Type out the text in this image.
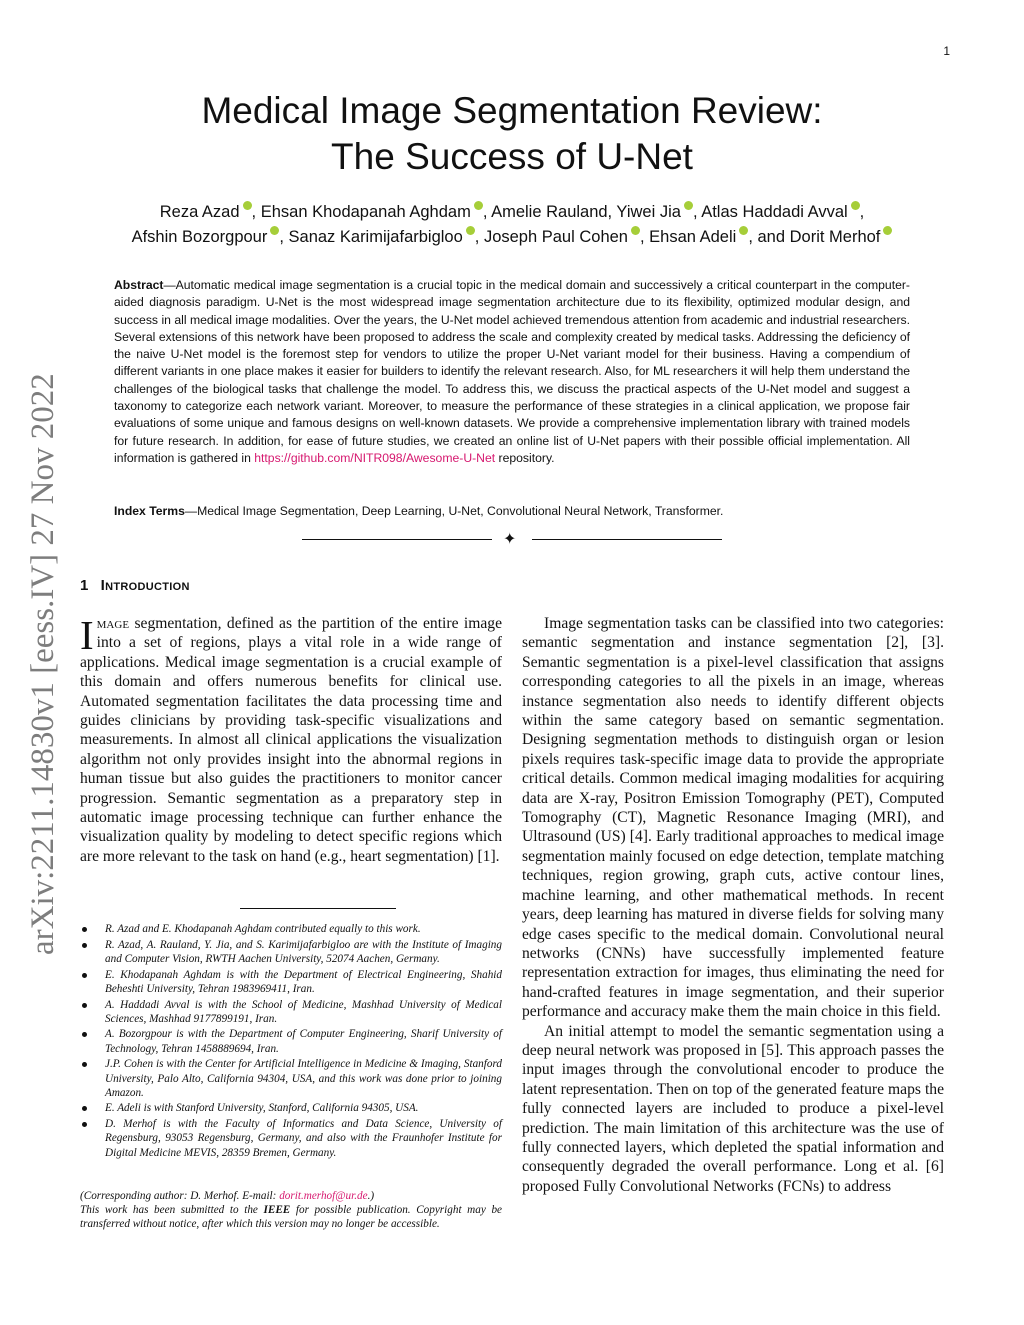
1
arXiv:2211.14830v1 [eess.IV] 27 Nov 2022
Medical Image Segmentation Review:
The Success of U-Net
Reza Azad , Ehsan Khodapanah Aghdam , Amelie Rauland, Yiwei Jia , Atlas Haddadi Avval ,
Afshin Bozorgpour , Sanaz Karimijafarbigloo , Joseph Paul Cohen , Ehsan Adeli , and Dorit Merhof
Abstract—Automatic medical image segmentation is a crucial topic in the medical domain and successively a critical counterpart in the computer-aided diagnosis paradigm. U-Net is the most widespread image segmentation architecture due to its flexibility, optimized modular design, and success in all medical image modalities. Over the years, the U-Net model achieved tremendous attention from academic and industrial researchers. Several extensions of this network have been proposed to address the scale and complexity created by medical tasks. Addressing the deficiency of the naive U-Net model is the foremost step for vendors to utilize the proper U-Net variant model for their business. Having a compendium of different variants in one place makes it easier for builders to identify the relevant research. Also, for ML researchers it will help them understand the challenges of the biological tasks that challenge the model. To address this, we discuss the practical aspects of the U-Net model and suggest a taxonomy to categorize each network variant. Moreover, to measure the performance of these strategies in a clinical application, we propose fair evaluations of some unique and famous designs on well-known datasets. We provide a comprehensive implementation library with trained models for future research. In addition, for ease of future studies, we created an online list of U-Net papers with their possible official implementation. All information is gathered in https://github.com/NITR098/Awesome-U-Net repository.
Index Terms—Medical Image Segmentation, Deep Learning, U-Net, Convolutional Neural Network, Transformer.
✦
1 Introduction

Image segmentation, defined as the partition of the entire image into a set of regions, plays a vital role in a wide range of applications. Medical image segmentation is a crucial example of this domain and offers numerous benefits for clinical use. Automated segmentation facilitates the data processing time and guides clinicians by providing task-specific visualizations and measurements. In almost all clinical applications the visualization algorithm not only provides insight into the abnormal regions in human tissue but also guides the practitioners to monitor cancer progression. Semantic segmentation as a preparatory step in automatic image processing technique can further enhance the visualization quality by modeling to detect specific regions which are more relevant to the task on hand (e.g., heart segmentation) [1].

Image segmentation tasks can be classified into two categories: semantic segmentation and instance segmentation [2], [3]. Semantic segmentation is a pixel-level classification that assigns corresponding categories to all the pixels in an image, whereas instance segmentation also needs to identify different objects within the same category based on semantic segmentation. Designing segmentation methods to distinguish organ or lesion pixels requires task-specific image data to provide the appropriate critical details. Common medical imaging modalities for acquiring data are X-ray, Positron Emission Tomography (PET), Computed Tomography (CT), Magnetic Resonance Imaging (MRI), and Ultrasound (US) [4]. Early traditional approaches to medical image segmentation mainly focused on edge detection, template matching techniques, region growing, graph cuts, active contour lines, machine learning, and other mathematical methods. In recent years, deep learning has matured in diverse fields for solving many edge cases specific to the medical domain. Convolutional neural networks (CNNs) have successfully implemented feature representation extraction for images, thus eliminating the need for hand-crafted features in image segmentation, and their superior performance and accuracy make them the main choice in this field.

An initial attempt to model the semantic segmentation using a deep neural network was proposed in [5]. This approach passes the input images through the convolutional encoder to produce the latent representation. Then on top of the generated feature maps the fully connected layers are included to produce a pixel-level prediction. The main limitation of this architecture was the use of fully connected layers, which depleted the spatial information and consequently degraded the overall performance. Long et al. [6] proposed Fully Convolutional Networks (FCNs) to address

R. Azad and E. Khodapanah Aghdam contributed equally to this work.
R. Azad, A. Rauland, Y. Jia, and S. Karimijafarbigloo are with the Institute of Imaging and Computer Vision, RWTH Aachen University, 52074 Aachen, Germany.
E. Khodapanah Aghdam is with the Department of Electrical Engineering, Shahid Beheshti University, Tehran 1983969411, Iran.
A. Haddadi Avval is with the School of Medicine, Mashhad University of Medical Sciences, Mashhad 9177899191, Iran.
A. Bozorgpour is with the Department of Computer Engineering, Sharif University of Technology, Tehran 1458889694, Iran.
J.P. Cohen is with the Center for Artificial Intelligence in Medicine & Imaging, Stanford University, Palo Alto, California 94304, USA, and this work was done prior to joining Amazon.
E. Adeli is with Stanford University, Stanford, California 94305, USA.
D. Merhof is with the Faculty of Informatics and Data Science, University of Regensburg, 93053 Regensburg, Germany, and also with the Fraunhofer Institute for Digital Medicine MEVIS, 28359 Bremen, Germany.

(Corresponding author: D. Merhof. E-mail: dorit.merhof@ur.de.)

This work has been submitted to the IEEE for possible publication. Copyright may be transferred without notice, after which this version may no longer be accessible.
